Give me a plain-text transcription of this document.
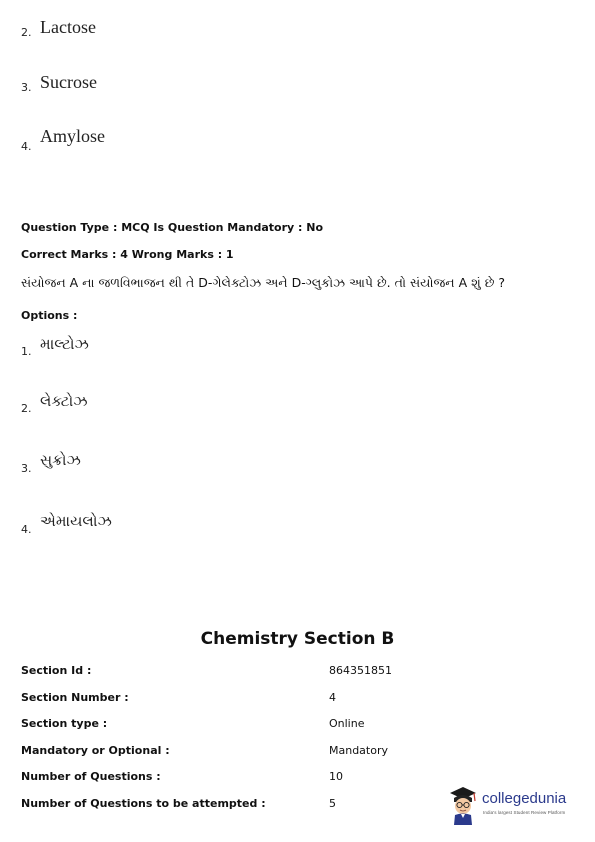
2. Lactose
3. Sucrose
4.
Amylose
Question Type : MCQ Is Question Mandatory : No
Correct Marks : 4 Wrong Marks : 1
સંયોજન A ના જળવિભાજન થી તે D-ગેલેક્ટોઝ અને D-ગ્લુકોઝ આપે છે. તો સંયોજન A શું છે ?
Options :
1. માલ્ટોઝ
2. લેક્ટોઝ
3. સુક્રોઝ
4. એમાયલોઝ
Chemistry Section B
Section Id :	864351851
Section Number :	4
Section type :	Online
Mandatory or Optional :	Mandatory
Number of Questions :	10
Number of Questions to be attempted :	5	collegedunia
India's largest Student Review Platform
